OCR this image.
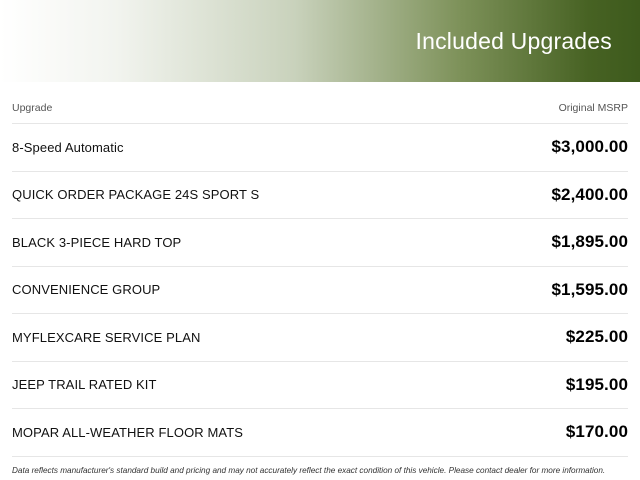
Included Upgrades
Upgrade	Original MSRP
8-Speed Automatic	$3,000.00
QUICK ORDER PACKAGE 24S SPORT S	$2,400.00
BLACK 3-PIECE HARD TOP	$1,895.00
CONVENIENCE GROUP	$1,595.00
MYFLEXCARE SERVICE PLAN	$225.00
JEEP TRAIL RATED KIT	$195.00
MOPAR ALL-WEATHER FLOOR MATS	$170.00
Data reflects manufacturer's standard build and pricing and may not accurately reflect the exact condition of this vehicle. Please contact dealer for more information.
